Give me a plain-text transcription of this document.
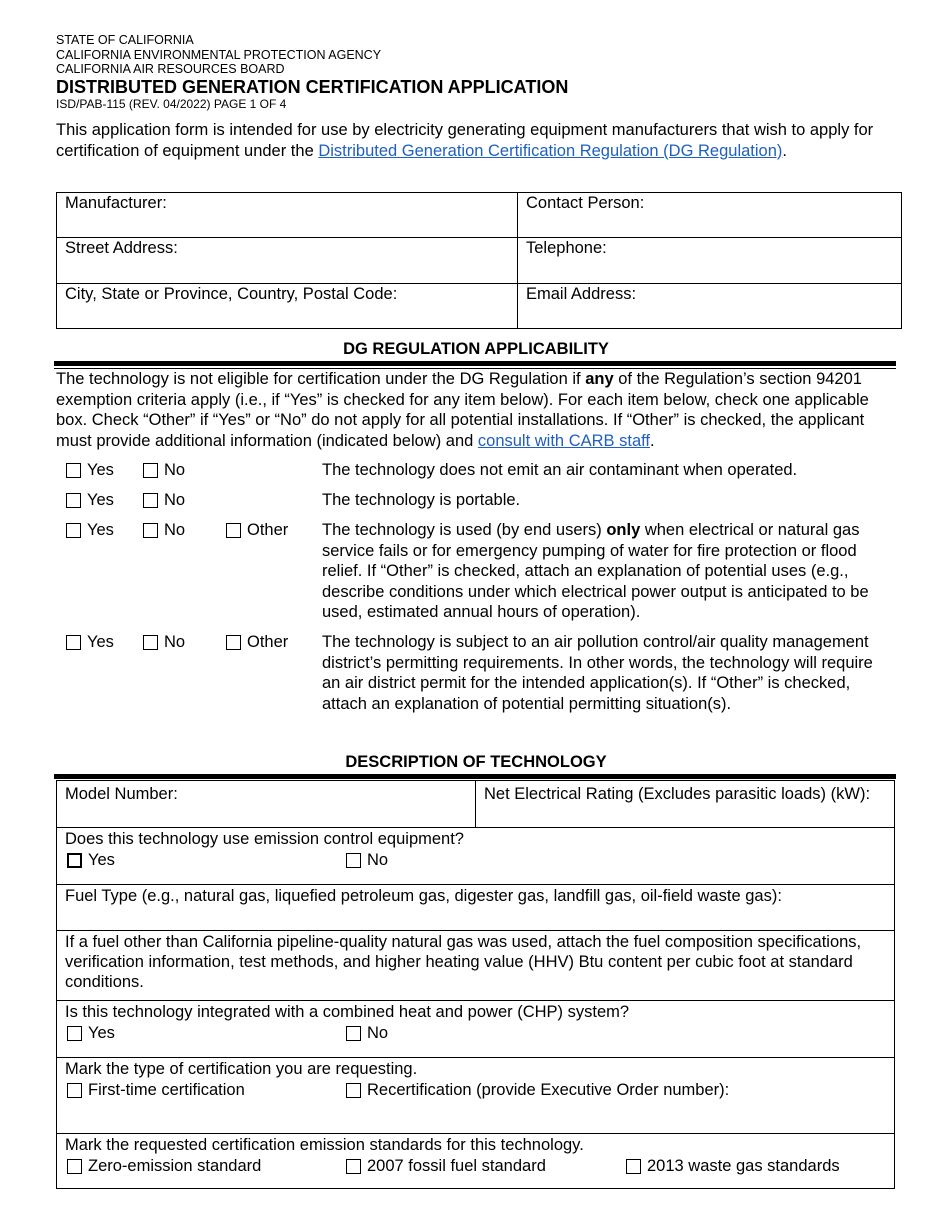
STATE OF CALIFORNIA
CALIFORNIA ENVIRONMENTAL PROTECTION AGENCY
CALIFORNIA AIR RESOURCES BOARD
DISTRIBUTED GENERATION CERTIFICATION APPLICATION
ISD/PAB-115 (REV. 04/2022) PAGE 1 OF 4
This application form is intended for use by electricity generating equipment manufacturers that wish to apply for certification of equipment under the Distributed Generation Certification Regulation (DG Regulation).
Manufacturer:	Contact Person:
Street Address:	Telephone:
City, State or Province, Country, Postal Code:	Email Address:
DG REGULATION APPLICABILITY
The technology is not eligible for certification under the DG Regulation if any of the Regulation’s section 94201 exemption criteria apply (i.e., if “Yes” is checked for any item below). For each item below, check one applicable box. Check “Other” if “Yes” or “No” do not apply for all potential installations. If “Other” is checked, the applicant must provide additional information (indicated below) and consult with CARB staff.
Yes	No	The technology does not emit an air contaminant when operated.
Yes	No	The technology is portable.
Yes	No	Other The technology is used (by end users) only when electrical or natural gas service fails or for emergency pumping of water for fire protection or flood relief. If “Other” is checked, attach an explanation of potential uses (e.g., describe conditions under which electrical power output is anticipated to be used, estimated annual hours of operation).
Yes	No	Other The technology is subject to an air pollution control/air quality management district’s permitting requirements. In other words, the technology will require an air district permit for the intended application(s). If “Other” is checked, attach an explanation of potential permitting situation(s).
DESCRIPTION OF TECHNOLOGY
Model Number:	Net Electrical Rating (Excludes parasitic loads) (kW):

Does this technology use emission control equipment?
Yes	No

Fuel Type (e.g., natural gas, liquefied petroleum gas, digester gas, landfill gas, oil-field waste gas):

If a fuel other than California pipeline-quality natural gas was used, attach the fuel composition specifications, verification information, test methods, and higher heating value (HHV) Btu content per cubic foot at standard conditions.

Is this technology integrated with a combined heat and power (CHP) system?
Yes	No

Mark the type of certification you are requesting.
First-time certification	Recertification (provide Executive Order number):

Mark the requested certification emission standards for this technology.
Zero-emission standard	2007 fossil fuel standard	2013 waste gas standards
